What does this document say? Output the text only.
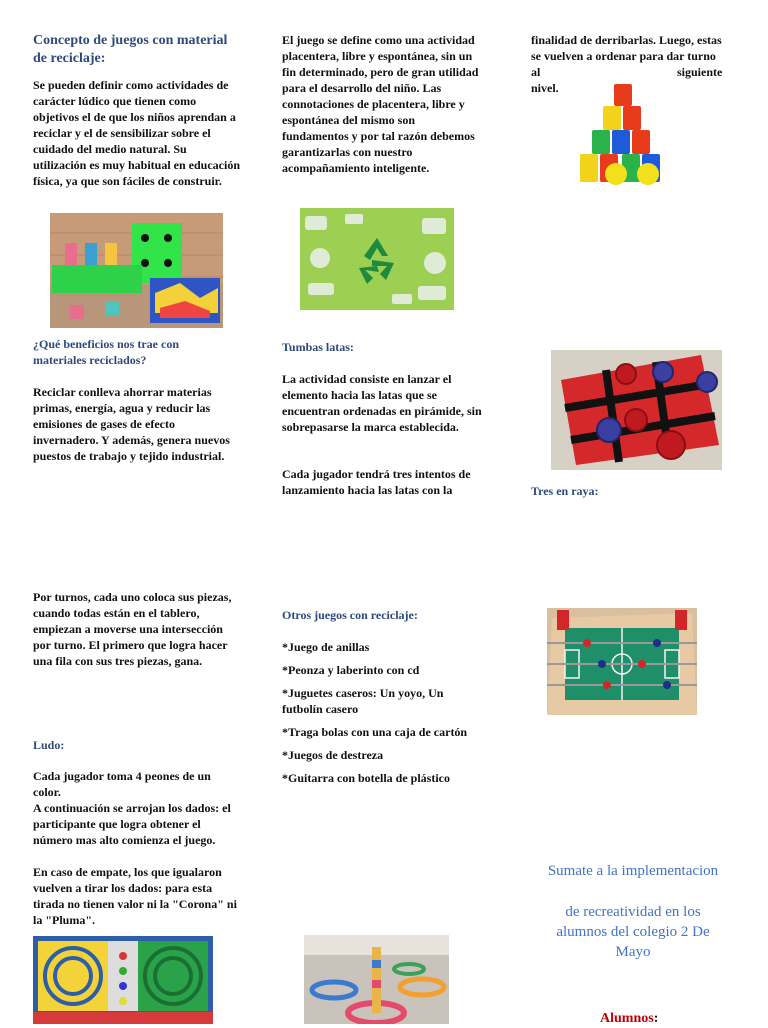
Concepto de juegos con material de reciclaje:

Se pueden definir como actividades de carácter lúdico que tienen como objetivos el de que los niños aprendan a reciclar y el de sensibilizar sobre el cuidado del medio natural. Su utilización es muy habitual en educación física, ya que son fáciles de construir.

¿Qué beneficios nos trae con materiales reciclados?

Reciclar conlleva ahorrar materias primas, energía, agua y reducir las emisiones de gases de efecto invernadero. Y además, genera nuevos puestos de trabajo y tejido industrial.

Por turnos, cada uno coloca sus piezas, cuando todas están en el tablero, empiezan a moverse una intersección por turno. El primero que logra hacer una fila con sus tres piezas, gana.

Ludo:

Cada jugador toma 4 peones de un color.

A continuación se arrojan los dados: el participante que logra obtener el número mas alto comienza el juego.

En caso de empate, los que igualaron vuelven a tirar los dados: para esta tirada no tienen valor ni la "Corona" ni la "Pluma".

El juego se define como una actividad placentera, libre y espontánea, sin un fin determinado, pero de gran utilidad para el desarrollo del niño. Las connotaciones de placentera, libre y espontánea del mismo son fundamentos y por tal razón debemos garantizarlas con nuestro acompañamiento inteligente.

Tumbas latas:

La actividad consiste en lanzar el elemento hacia las latas que se encuentran ordenadas en pirámide, sin sobrepasarse la marca establecida.

Cada jugador tendrá tres intentos de lanzamiento hacia las latas con la

Otros juegos con reciclaje:

*Juego de anillas

*Peonza y laberinto con cd

*Juguetes caseros: Un yoyo, Un futbolín casero

*Traga bolas con una caja de cartón

*Juegos de destreza

*Guitarra con botella de plástico

finalidad de derribarlas. Luego, estas se vuelven a ordenar para dar turno

al	siguiente
nivel.
Tres en raya:
Sumate a la implementacion
de recreatividad en los alumnos del colegio 2 De Mayo
Alumnos:
